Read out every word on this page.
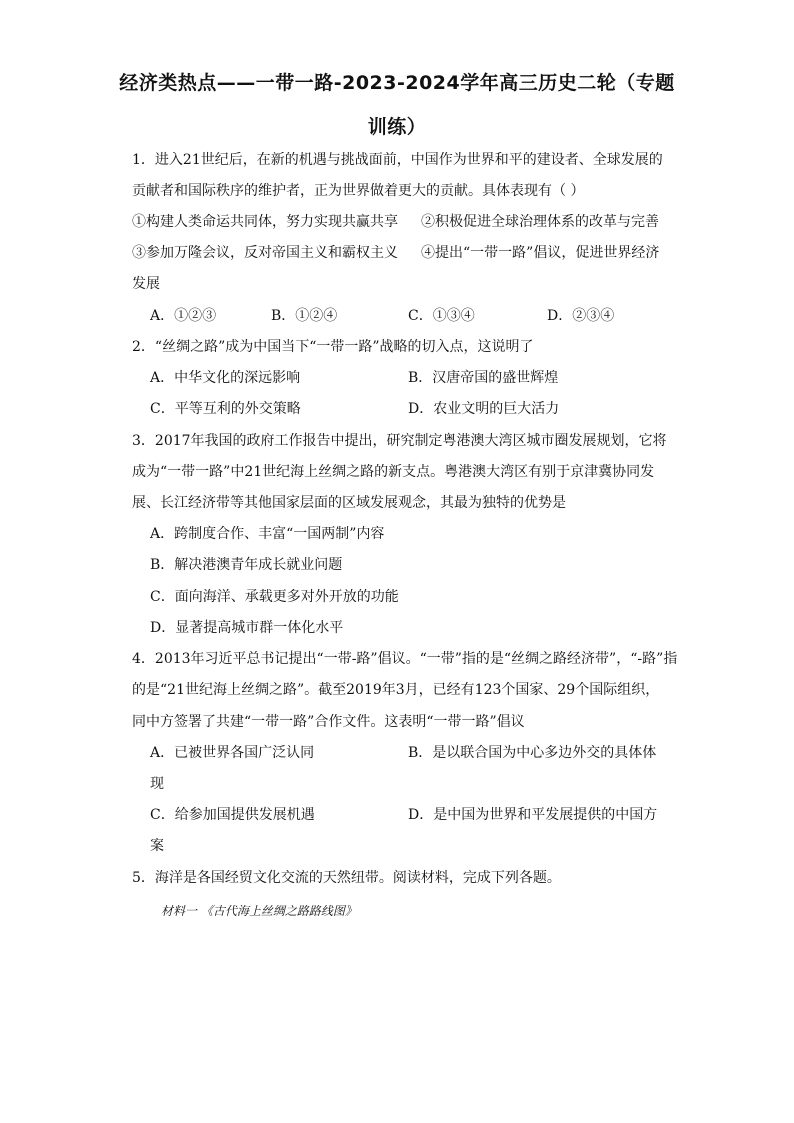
经济类热点——一带一路-2023-2024学年高三历史二轮（专题
训练）
1．进入21世纪后，在新的机遇与挑战面前，中国作为世界和平的建设者、全球发展的
贡献者和国际秩序的维护者，正为世界做着更大的贡献。具体表现有（ ）
①构建人类命运共同体，努力实现共赢共享 ②积极促进全球治理体系的改革与完善
③参加万隆会议，反对帝国主义和霸权主义 ④提出“一带一路”倡议，促进世界经济
发展
A．①②③	B．①②④	C．①③④	D．②③④
2．“丝绸之路”成为中国当下“一带一路”战略的切入点，这说明了
A．中华文化的深远影响	B．汉唐帝国的盛世辉煌
C．平等互利的外交策略	D．农业文明的巨大活力
3．2017年我国的政府工作报告中提出，研究制定粤港澳大湾区城市圈发展规划，它将
成为“一带一路”中21世纪海上丝绸之路的新支点。粤港澳大湾区有别于京津冀协同发
展、长江经济带等其他国家层面的区域发展观念，其最为独特的优势是
A．跨制度合作、丰富“一国两制”内容
B．解决港澳青年成长就业问题
C．面向海洋、承载更多对外开放的功能
D．显著提高城市群一体化水平
4．2013年习近平总书记提出“一带-路”倡议。“一带”指的是“丝绸之路经济带”，“-路”指
的是“21世纪海上丝绸之路”。截至2019年3月，已经有123个国家、29个国际组织，
同中方签署了共建“一带一路”合作文件。这表明“一带一路”倡议
A．已被世界各国广泛认同	B．是以联合国为中心多边外交的具体体
现
C．给参加国提供发展机遇	D．是中国为世界和平发展提供的中国方
案
5．海洋是各国经贸文化交流的天然纽带。阅读材料，完成下列各题。
材料一 《古代海上丝绸之路路线图》
